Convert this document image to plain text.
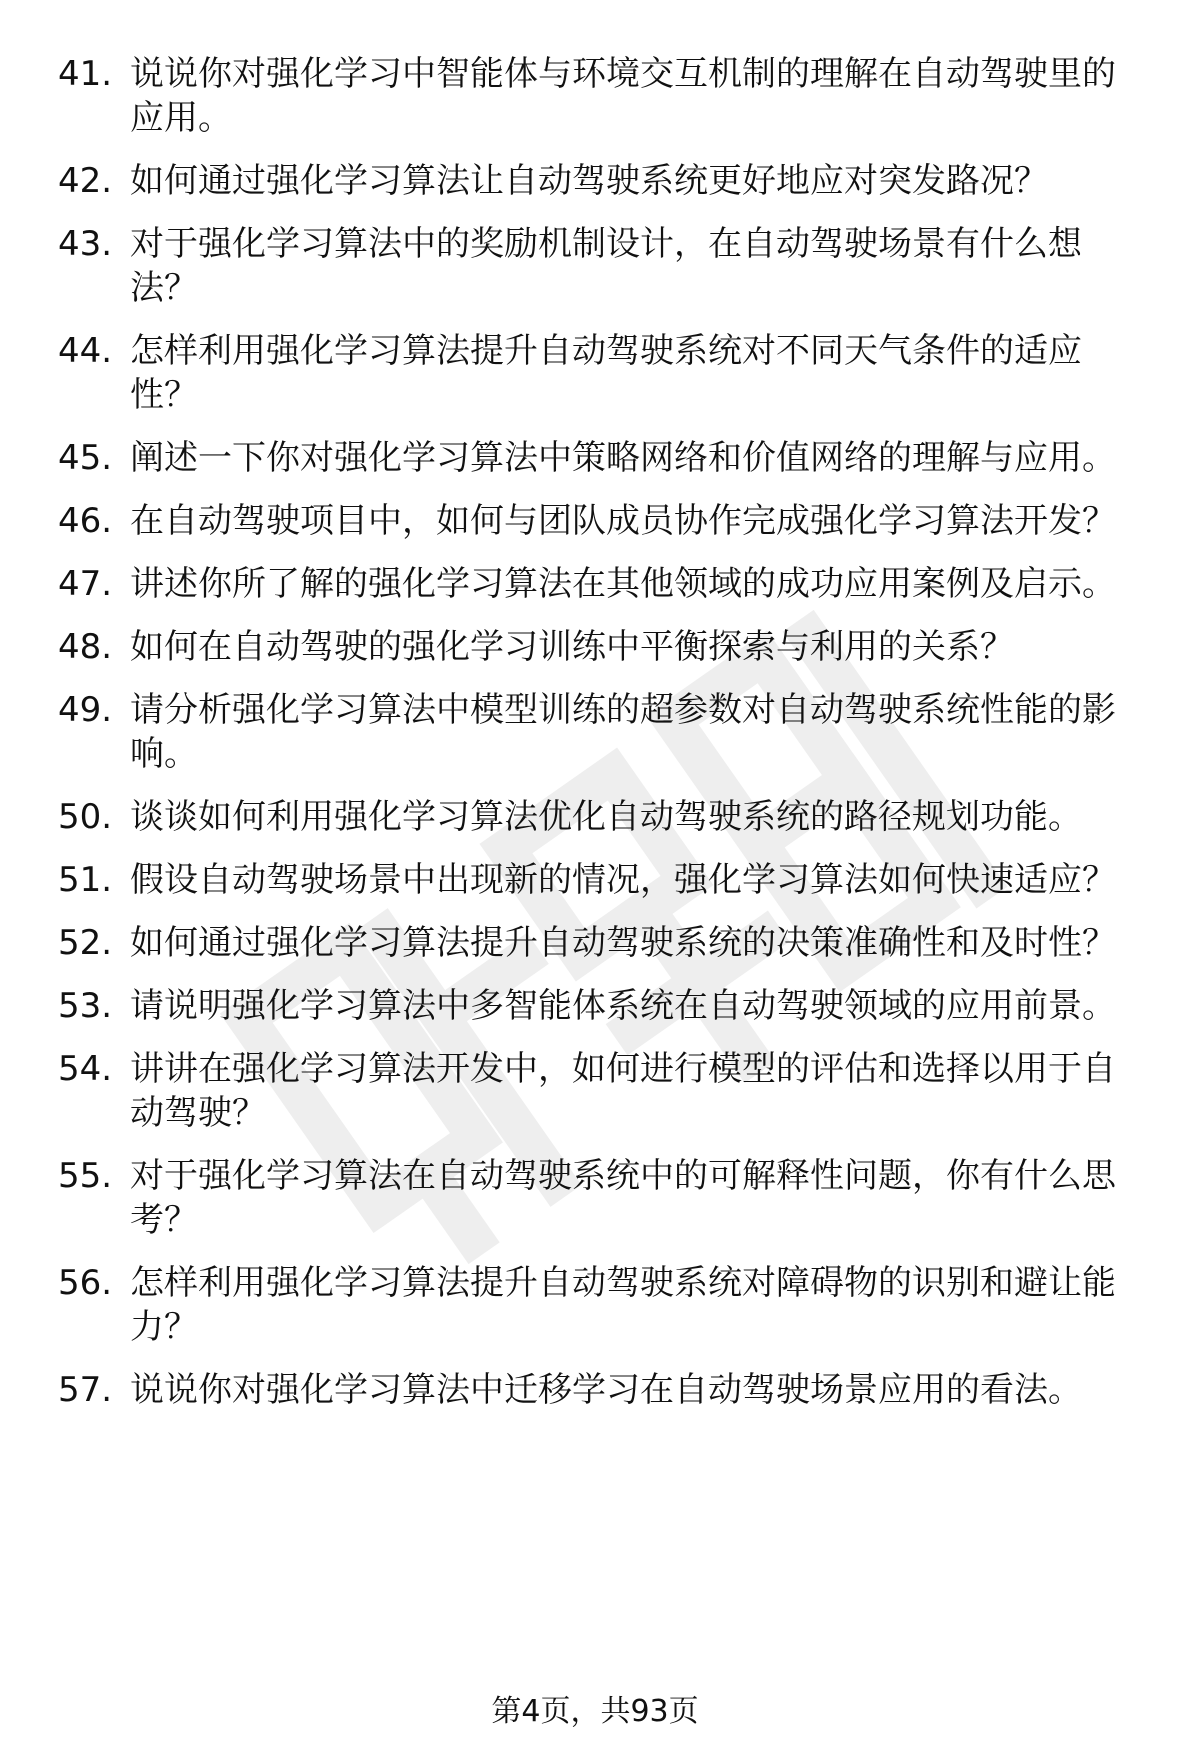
41. 说说你对强化学习中智能体与环境交互机制的理解在自动驾驶里的应用。
42. 如何通过强化学习算法让自动驾驶系统更好地应对突发路况？
43. 对于强化学习算法中的奖励机制设计，在自动驾驶场景有什么想法？
44. 怎样利用强化学习算法提升自动驾驶系统对不同天气条件的适应性？
45. 阐述一下你对强化学习算法中策略网络和价值网络的理解与应用。
46. 在自动驾驶项目中，如何与团队成员协作完成强化学习算法开发？
47. 讲述你所了解的强化学习算法在其他领域的成功应用案例及启示。
48. 如何在自动驾驶的强化学习训练中平衡探索与利用的关系？
49. 请分析强化学习算法中模型训练的超参数对自动驾驶系统性能的影响。
50. 谈谈如何利用强化学习算法优化自动驾驶系统的路径规划功能。
51. 假设自动驾驶场景中出现新的情况，强化学习算法如何快速适应？
52. 如何通过强化学习算法提升自动驾驶系统的决策准确性和及时性？
53. 请说明强化学习算法中多智能体系统在自动驾驶领域的应用前景。
54. 讲讲在强化学习算法开发中，如何进行模型的评估和选择以用于自动驾驶？
55. 对于强化学习算法在自动驾驶系统中的可解释性问题，你有什么思考？
56. 怎样利用强化学习算法提升自动驾驶系统对障碍物的识别和避让能力？
57. 说说你对强化学习算法中迁移学习在自动驾驶场景应用的看法。
第4页，共93页
